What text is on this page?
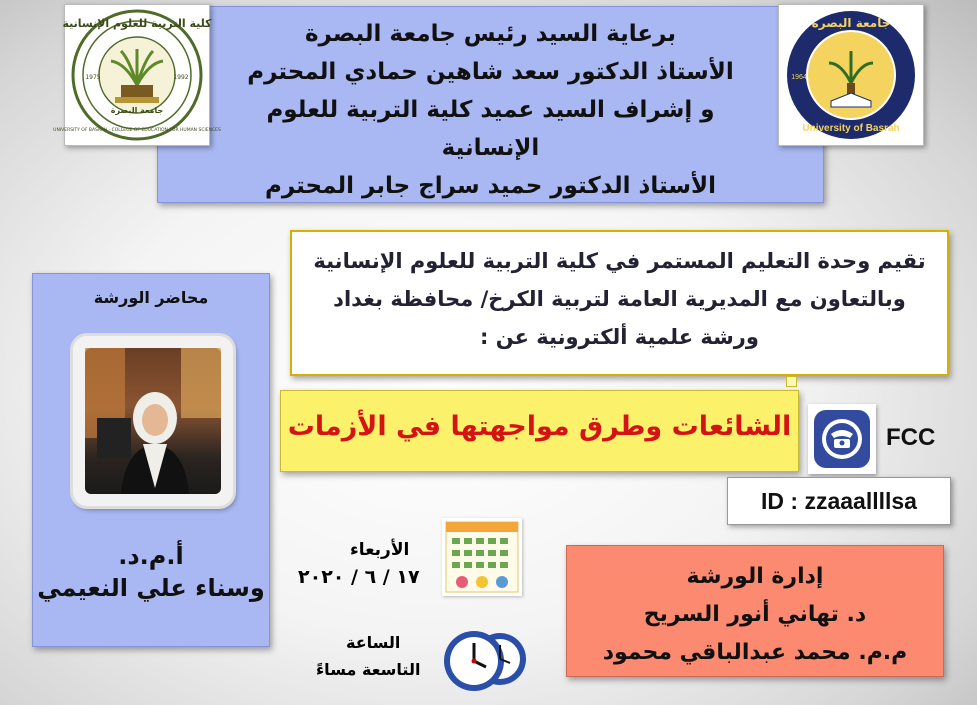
برعاية السيد رئيس جامعة البصرة
الأستاذ الدكتور سعد شاهين حمادي المحترم
و إشراف السيد عميد كلية التربية للعلوم الإنسانية
الأستاذ الدكتور حميد سراج جابر المحترم
كلية التربية للعلوم الإنسانية
جامعة البصرة
1975	1992
UNIVERSITY OF BASRAH · COLLEGE OF EDUCATION FOR HUMAN SCIENCES
جامعة البصرة
University of Basrah
1964
تقيم وحدة التعليم المستمر في كلية التربية للعلوم الإنسانية
وبالتعاون مع المديرية العامة لتربية الكرخ/ محافظة بغداد
ورشة علمية ألكترونية عن :
محاضر الورشة
أ.م.د.
وسناء علي النعيمي
الشائعات وطرق مواجهتها في الأزمات	FCC
ID : zzaaallllsa
الأربعاء
١٧ / ٦ / ٢٠٢٠
الساعة
التاسعة مساءً
إدارة الورشة
د. تهاني أنور السريح
م.م. محمد عبدالباقي محمود
